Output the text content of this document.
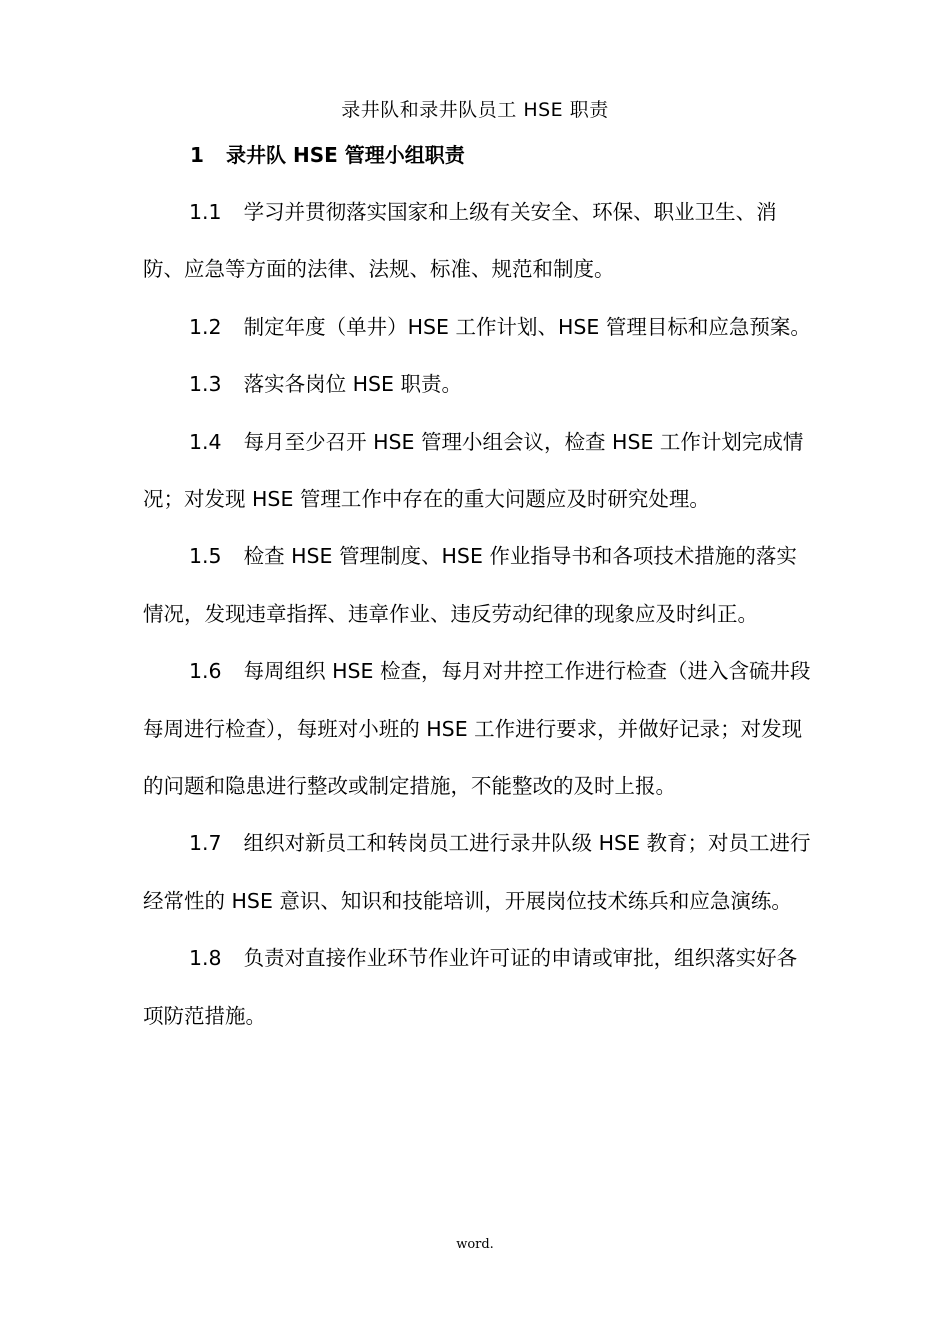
录井队和录井队员工 HSE 职责
1 录井队 HSE 管理小组职责

1.1 学习并贯彻落实国家和上级有关安全、环保、职业卫生、消防、应急等方面的法律、法规、标准、规范和制度。

1.2 制定年度（单井）HSE 工作计划、HSE 管理目标和应急预案。

1.3 落实各岗位 HSE 职责。

1.4 每月至少召开 HSE 管理小组会议，检查 HSE 工作计划完成情况；对发现 HSE 管理工作中存在的重大问题应及时研究处理。

1.5 检查 HSE 管理制度、HSE 作业指导书和各项技术措施的落实情况，发现违章指挥、违章作业、违反劳动纪律的现象应及时纠正。

1.6 每周组织 HSE 检查，每月对井控工作进行检查（进入含硫井段每周进行检查），每班对小班的 HSE 工作进行要求，并做好记录；对发现的问题和隐患进行整改或制定措施，不能整改的及时上报。

1.7 组织对新员工和转岗员工进行录井队级 HSE 教育；对员工进行经常性的 HSE 意识、知识和技能培训，开展岗位技术练兵和应急演练。

1.8 负责对直接作业环节作业许可证的申请或审批，组织落实好各项防范措施。

word.
